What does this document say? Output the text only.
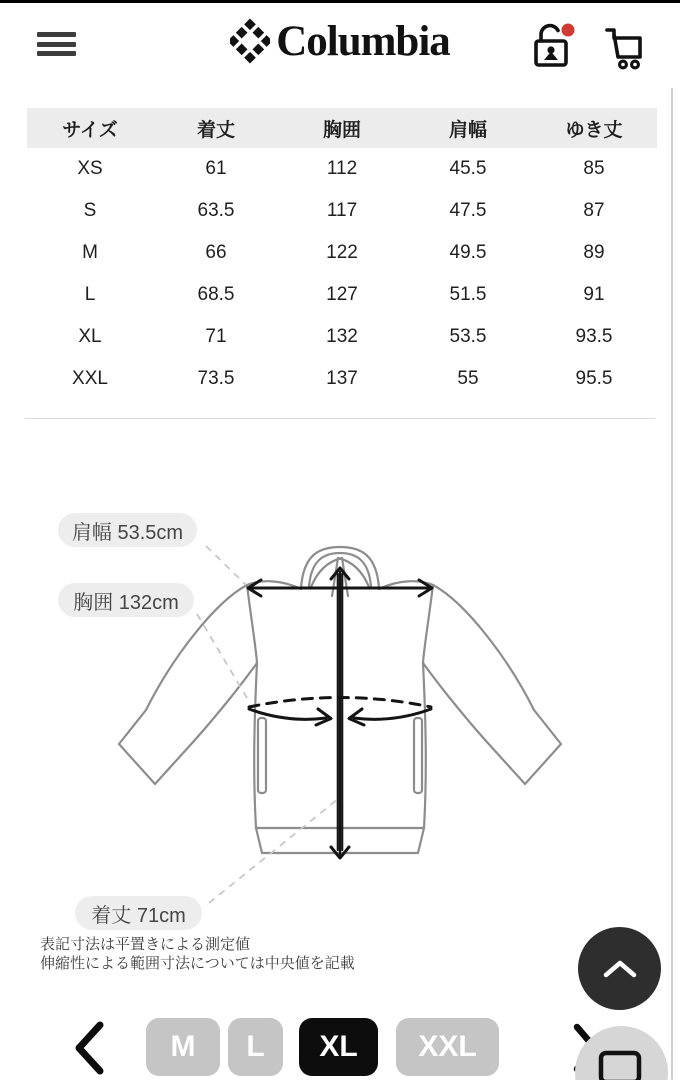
Columbia
サイズ	着丈	胸囲	肩幅	ゆき丈
XS	61	112	45.5	85
S	63.5	117	47.5	87
M	66	122	49.5	89
L	68.5	127	51.5	91
XL	71	132	53.5	93.5
XXL	73.5	137	55	95.5
肩幅 53.5cm
胸囲 132cm
着丈 71cm
表記寸法は平置きによる測定値
伸縮性による範囲寸法については中央値を記載
M	L	XL	XXL
